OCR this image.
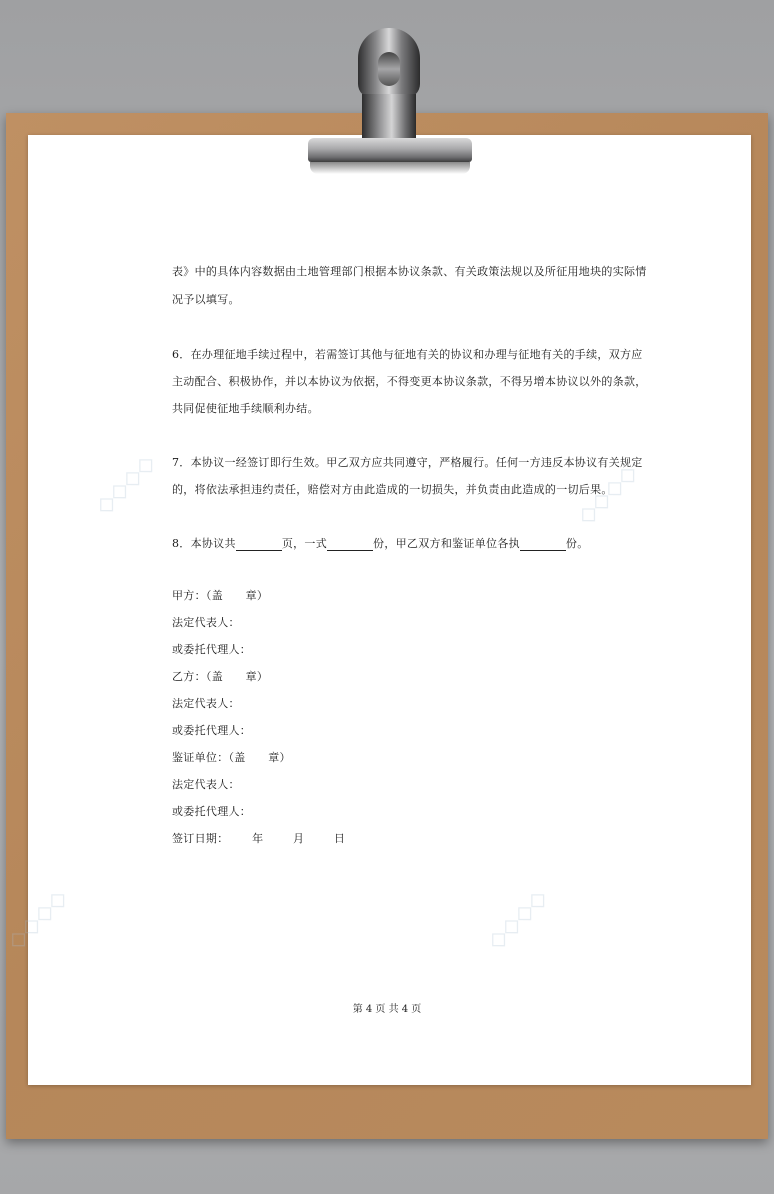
◇◇◇◇	◇◇◇◇
◇◇◇◇	◇◇◇◇
表》中的具体内容数据由土地管理部门根据本协议条款、有关政策法规以及所征用地块的实际情
况予以填写。
6．在办理征地手续过程中，若需签订其他与征地有关的协议和办理与征地有关的手续，双方应
主动配合、积极协作，并以本协议为依据，不得变更本协议条款，不得另增本协议以外的条款，
共同促使征地手续顺利办结。
7．本协议一经签订即行生效。甲乙双方应共同遵守，严格履行。任何一方违反本协议有关规定
的，将依法承担违约责任，赔偿对方由此造成的一切损失，并负责由此造成的一切后果。
8．本协议共	页，一式	份，甲乙双方和鉴证单位各执	份。
甲方：（盖　　章）
法定代表人：
或委托代理人：
乙方：（盖　　章）
法定代表人：
或委托代理人：
鉴证单位：（盖　　章）
法定代表人：
或委托代理人：
签订日期： 年	月	日
第 4 页 共 4 页
